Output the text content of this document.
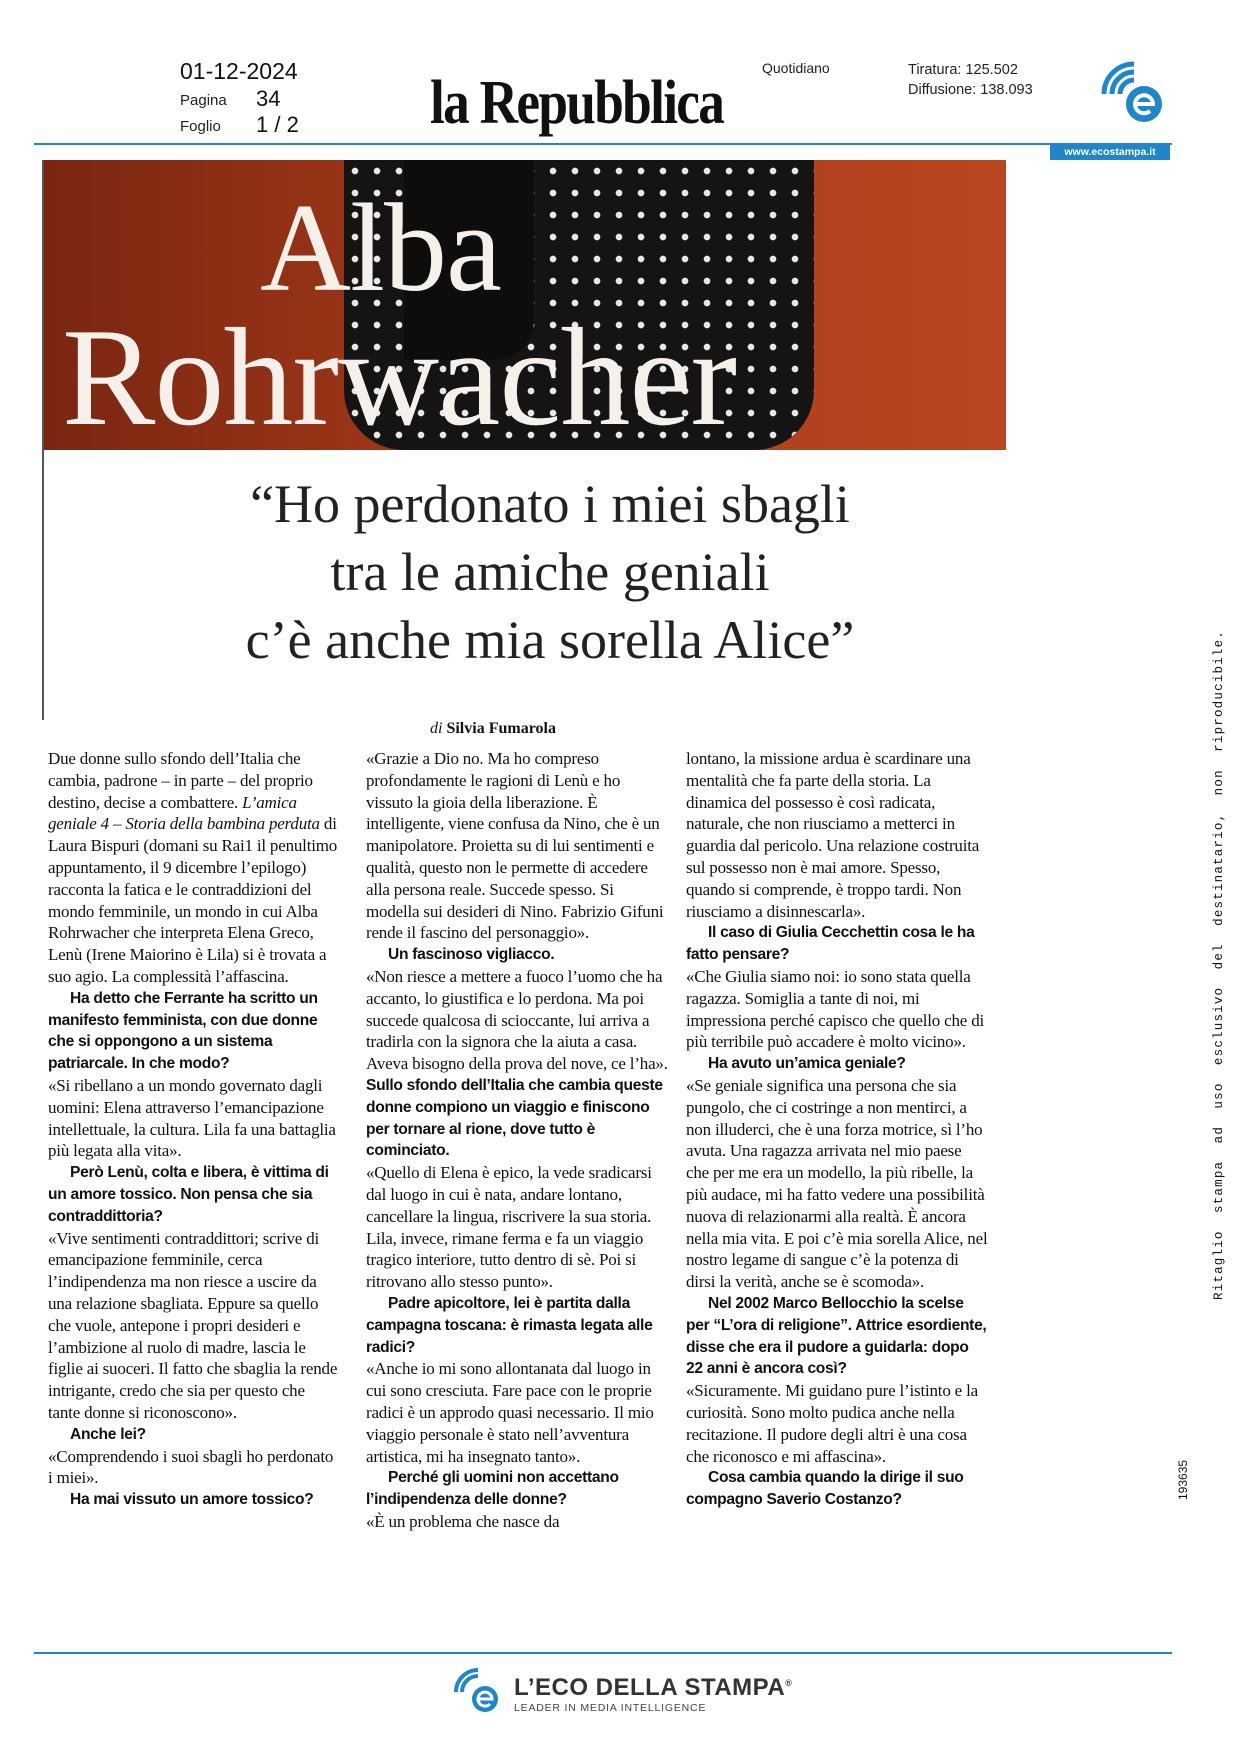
01-12-2024
Pagina 34
Foglio 1 / 2 la Repubblica
Quotidiano	Tiratura: 125.502
Diffusione: 138.093
www.ecostampa.it
Alba
Rohrwacher
“Ho perdonato i miei sbagli
tra le amiche geniali
c’è anche mia sorella Alice”
di Silvia Fumarola

Due donne sullo sfondo dell’Italia che cambia, padrone – in parte – del proprio destino, decise a combattere. L’amica geniale 4 – Storia della bambina perduta di Laura Bispuri (domani su Rai1 il penultimo appuntamento, il 9 dicembre l’epilogo) racconta la fatica e le contraddizioni del mondo femminile, un mondo in cui Alba Rohrwacher che interpreta Elena Greco, Lenù (Irene Maiorino è Lila) si è trovata a suo agio. La complessità l’affascina.

Ha detto che Ferrante ha scritto un manifesto femminista, con due donne che si oppongono a un sistema patriarcale. In che modo?

«Si ribellano a un mondo governato dagli uomini: Elena attraverso l’emancipazione intellettuale, la cultura. Lila fa una battaglia più legata alla vita».

Però Lenù, colta e libera, è vittima di un amore tossico. Non pensa che sia contraddittoria?

«Vive sentimenti contraddittori; scrive di emancipazione femminile, cerca l’indipendenza ma non riesce a uscire da una relazione sbagliata. Eppure sa quello che vuole, antepone i propri desideri e l’ambizione al ruolo di madre, lascia le figlie ai suoceri. Il fatto che sbaglia la rende intrigante, credo che sia per questo che tante donne si riconoscono».

Anche lei?

«Comprendendo i suoi sbagli ho perdonato i miei».

Ha mai vissuto un amore tossico?

«Grazie a Dio no. Ma ho compreso profondamente le ragioni di Lenù e ho vissuto la gioia della liberazione. È intelligente, viene confusa da Nino, che è un manipolatore. Proietta su di lui sentimenti e qualità, questo non le permette di accedere alla persona reale. Succede spesso. Si modella sui desideri di Nino. Fabrizio Gifuni rende il fascino del personaggio».

Un fascinoso vigliacco.

«Non riesce a mettere a fuoco l’uomo che ha accanto, lo giustifica e lo perdona. Ma poi succede qualcosa di scioccante, lui arriva a tradirla con la signora che la aiuta a casa. Aveva bisogno della prova del nove, ce l’ha».

Sullo sfondo dell’Italia che cambia queste donne compiono un viaggio e finiscono per tornare al rione, dove tutto è cominciato.

«Quello di Elena è epico, la vede sradicarsi dal luogo in cui è nata, andare lontano, cancellare la lingua, riscrivere la sua storia. Lila, invece, rimane ferma e fa un viaggio tragico interiore, tutto dentro di sè. Poi si ritrovano allo stesso punto».

Padre apicoltore, lei è partita dalla campagna toscana: è rimasta legata alle radici?

«Anche io mi sono allontanata dal luogo in cui sono cresciuta. Fare pace con le proprie radici è un approdo quasi necessario. Il mio viaggio personale è stato nell’avventura artistica, mi ha insegnato tanto».

Perché gli uomini non accettano l’indipendenza delle donne?

«È un problema che nasce da

lontano, la missione ardua è scardinare una mentalità che fa parte della storia. La dinamica del possesso è così radicata, naturale, che non riusciamo a metterci in guardia dal pericolo. Una relazione costruita sul possesso non è mai amore. Spesso, quando si comprende, è troppo tardi. Non riusciamo a disinnescarla».

Il caso di Giulia Cecchettin cosa le ha fatto pensare?

«Che Giulia siamo noi: io sono stata quella ragazza. Somiglia a tante di noi, mi impressiona perché capisco che quello che di più terribile può accadere è molto vicino».

Ha avuto un’amica geniale?

«Se geniale significa una persona che sia pungolo, che ci costringe a non mentirci, a non illuderci, che è una forza motrice, sì l’ho avuta. Una ragazza arrivata nel mio paese che per me era un modello, la più ribelle, la più audace, mi ha fatto vedere una possibilità nuova di relazionarmi alla realtà. È ancora nella mia vita. E poi c’è mia sorella Alice, nel nostro legame di sangue c’è la potenza di dirsi la verità, anche se è scomoda».

Nel 2002 Marco Bellocchio la scelse per “L’ora di religione”. Attrice esordiente, disse che era il pudore a guidarla: dopo 22 anni è ancora così?

«Sicuramente. Mi guidano pure l’istinto e la curiosità. Sono molto pudica anche nella recitazione. Il pudore degli altri è una cosa che riconosco e mi affascina».

Cosa cambia quando la dirige il suo compagno Saverio Costanzo?

Ritaglio  stampa  ad  uso  esclusivo  del  destinatario,  non  riproducibile.
193635
L’ECO DELLA STAMPA®
LEADER IN MEDIA INTELLIGENCE
